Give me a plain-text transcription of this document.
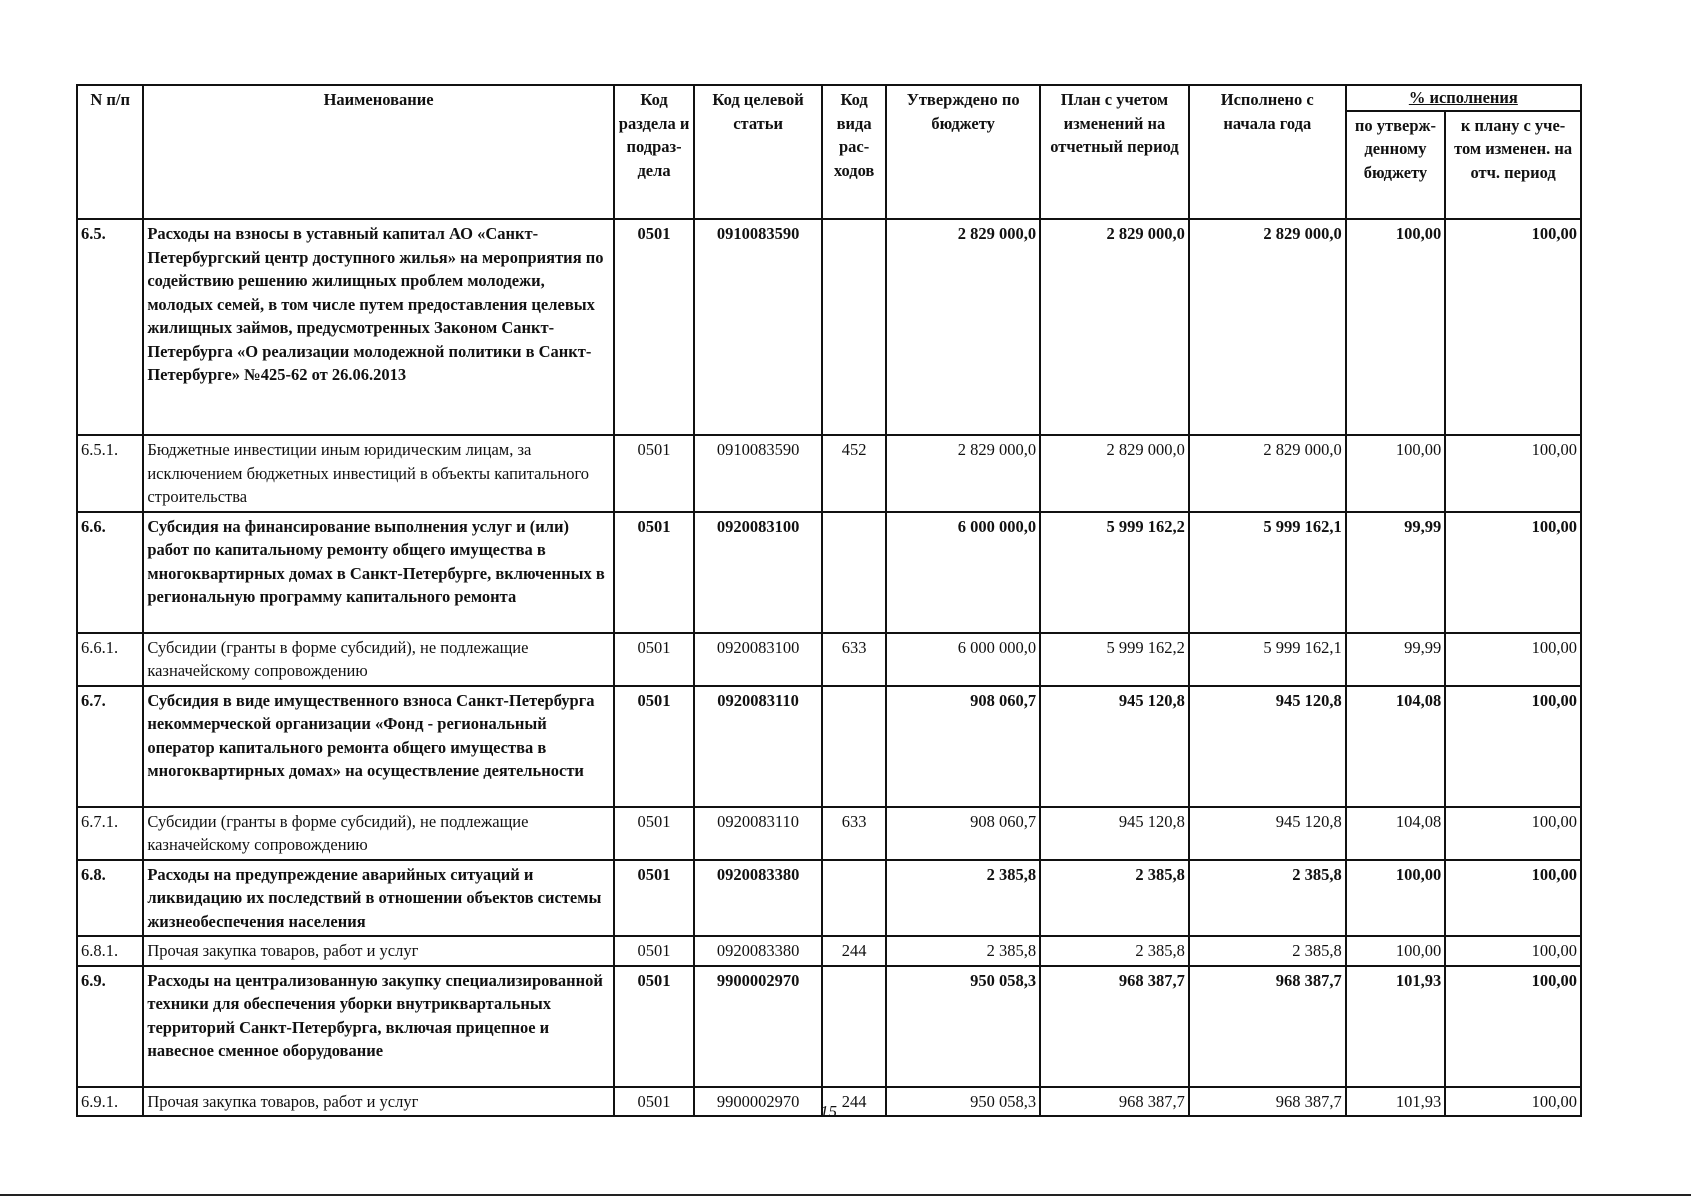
N п/п	Наименование	Код раздела и подраз- дела	Код целевой статьи	Код вида рас- ходов	Утверждено по бюджету	План с учетом изменений на отчетный период	Исполнено с начала года	% исполнения	
								по утверж- денному бюджету	к плану с уче- том изменен. на отч. период
6.5.	Расходы на взносы в уставный капитал АО «Санкт-Петербургский центр доступного жилья» на мероприятия по содействию решению жилищных проблем молодежи, молодых семей, в том числе путем предоставления целевых жилищных займов, предусмотренных Законом Санкт-Петербурга «О реализации молодежной политики в Санкт-Петербурге» №425-62 от 26.06.2013	0501	0910083590		2 829 000,0	2 829 000,0	2 829 000,0	100,00	100,00
6.5.1.	Бюджетные инвестиции иным юридическим лицам, за исключением бюджетных инвестиций в объекты капитального строительства	0501	0910083590	452	2 829 000,0	2 829 000,0	2 829 000,0	100,00	100,00
6.6.	Субсидия на финансирование выполнения услуг и (или) работ по капитальному ремонту общего имущества в многоквартирных домах в Санкт-Петербурге, включенных в региональную программу капитального ремонта	0501	0920083100		6 000 000,0	5 999 162,2	5 999 162,1	99,99	100,00
6.6.1.	Субсидии (гранты в форме субсидий), не подлежащие казначейскому сопровождению	0501	0920083100	633	6 000 000,0	5 999 162,2	5 999 162,1	99,99	100,00
6.7.	Субсидия в виде имущественного взноса Санкт-Петербурга некоммерческой организации «Фонд - региональный оператор капитального ремонта общего имущества в многоквартирных домах» на осуществление деятельности	0501	0920083110		908 060,7	945 120,8	945 120,8	104,08	100,00
6.7.1.	Субсидии (гранты в форме субсидий), не подлежащие казначейскому сопровождению	0501	0920083110	633	908 060,7	945 120,8	945 120,8	104,08	100,00
6.8.	Расходы на предупреждение аварийных ситуаций и ликвидацию их последствий в отношении объектов системы жизнеобеспечения населения	0501	0920083380		2 385,8	2 385,8	2 385,8	100,00	100,00
6.8.1.	Прочая закупка товаров, работ и услуг	0501	0920083380	244	2 385,8	2 385,8	2 385,8	100,00	100,00
6.9.	Расходы на централизованную закупку специализированной техники для обеспечения уборки внутриквартальных территорий Санкт-Петербурга, включая прицепное и навесное сменное оборудование	0501	9900002970		950 058,3	968 387,7	968 387,7	101,93	100,00
6.9.1.	Прочая закупка товаров, работ и услуг	0501	9900002970	244	950 058,3	968 387,7	968 387,7	101,93	100,00
15
